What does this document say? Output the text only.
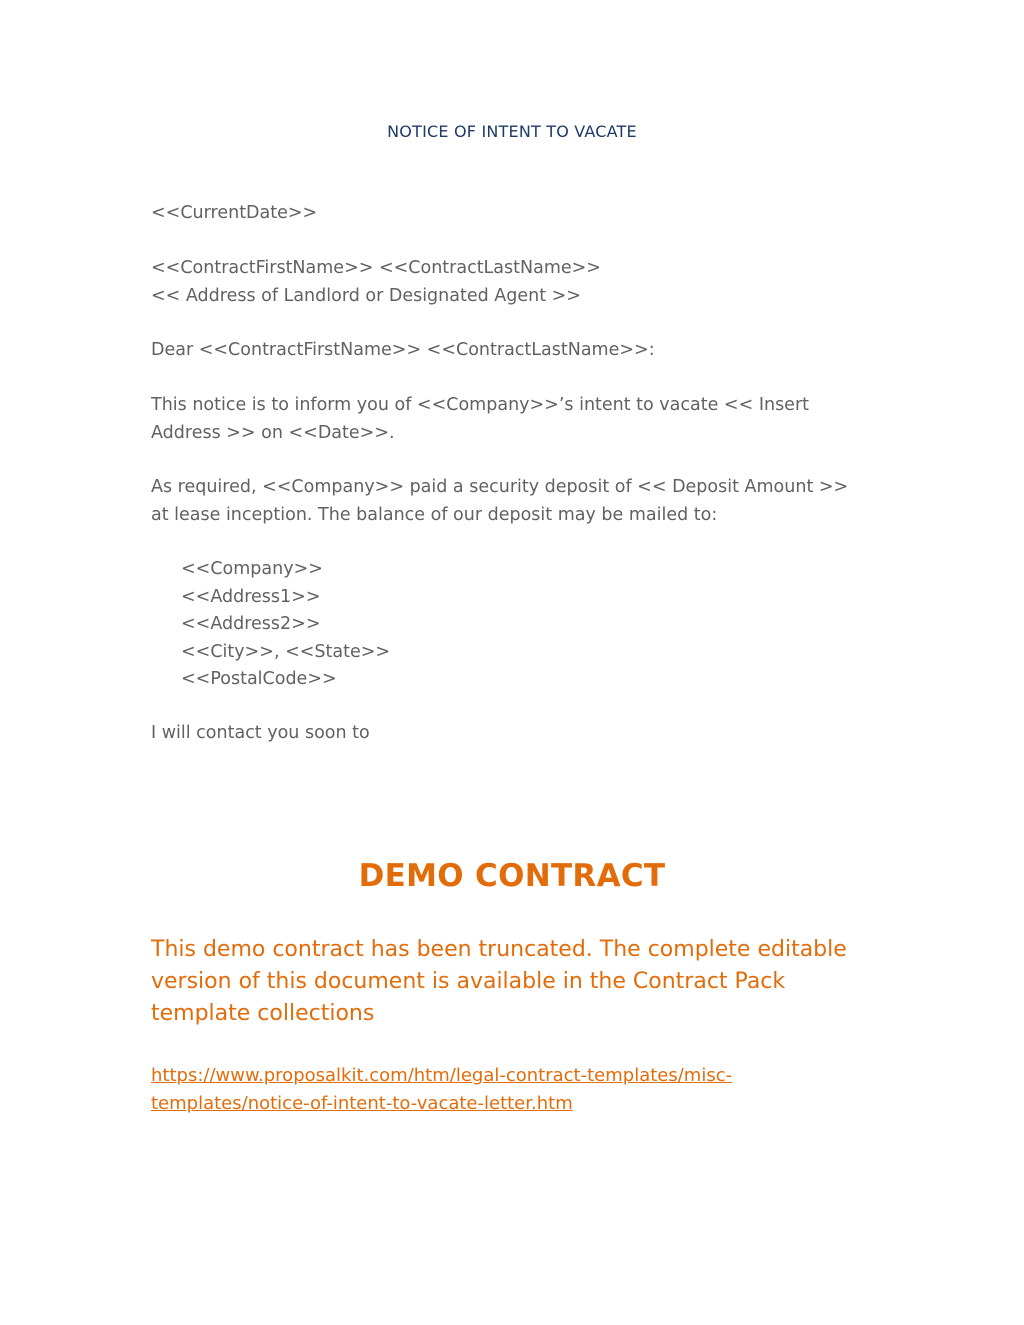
NOTICE OF INTENT TO VACATE
<<CurrentDate>>
<<ContractFirstName>> <<ContractLastName>>
<< Address of Landlord or Designated Agent >>
Dear <<ContractFirstName>> <<ContractLastName>>:
This notice is to inform you of <<Company>>’s intent to vacate << Insert
Address >> on <<Date>>.
As required, <<Company>> paid a security deposit of << Deposit Amount >>
at lease inception. The balance of our deposit may be mailed to:
<<Company>>
<<Address1>>
<<Address2>>
<<City>>, <<State>>
<<PostalCode>>
I will contact you soon to
DEMO CONTRACT
This demo contract has been truncated. The complete editable
version of this document is available in the Contract Pack
template collections
https://www.proposalkit.com/htm/legal-contract-templates/misc-
templates/notice-of-intent-to-vacate-letter.htm
